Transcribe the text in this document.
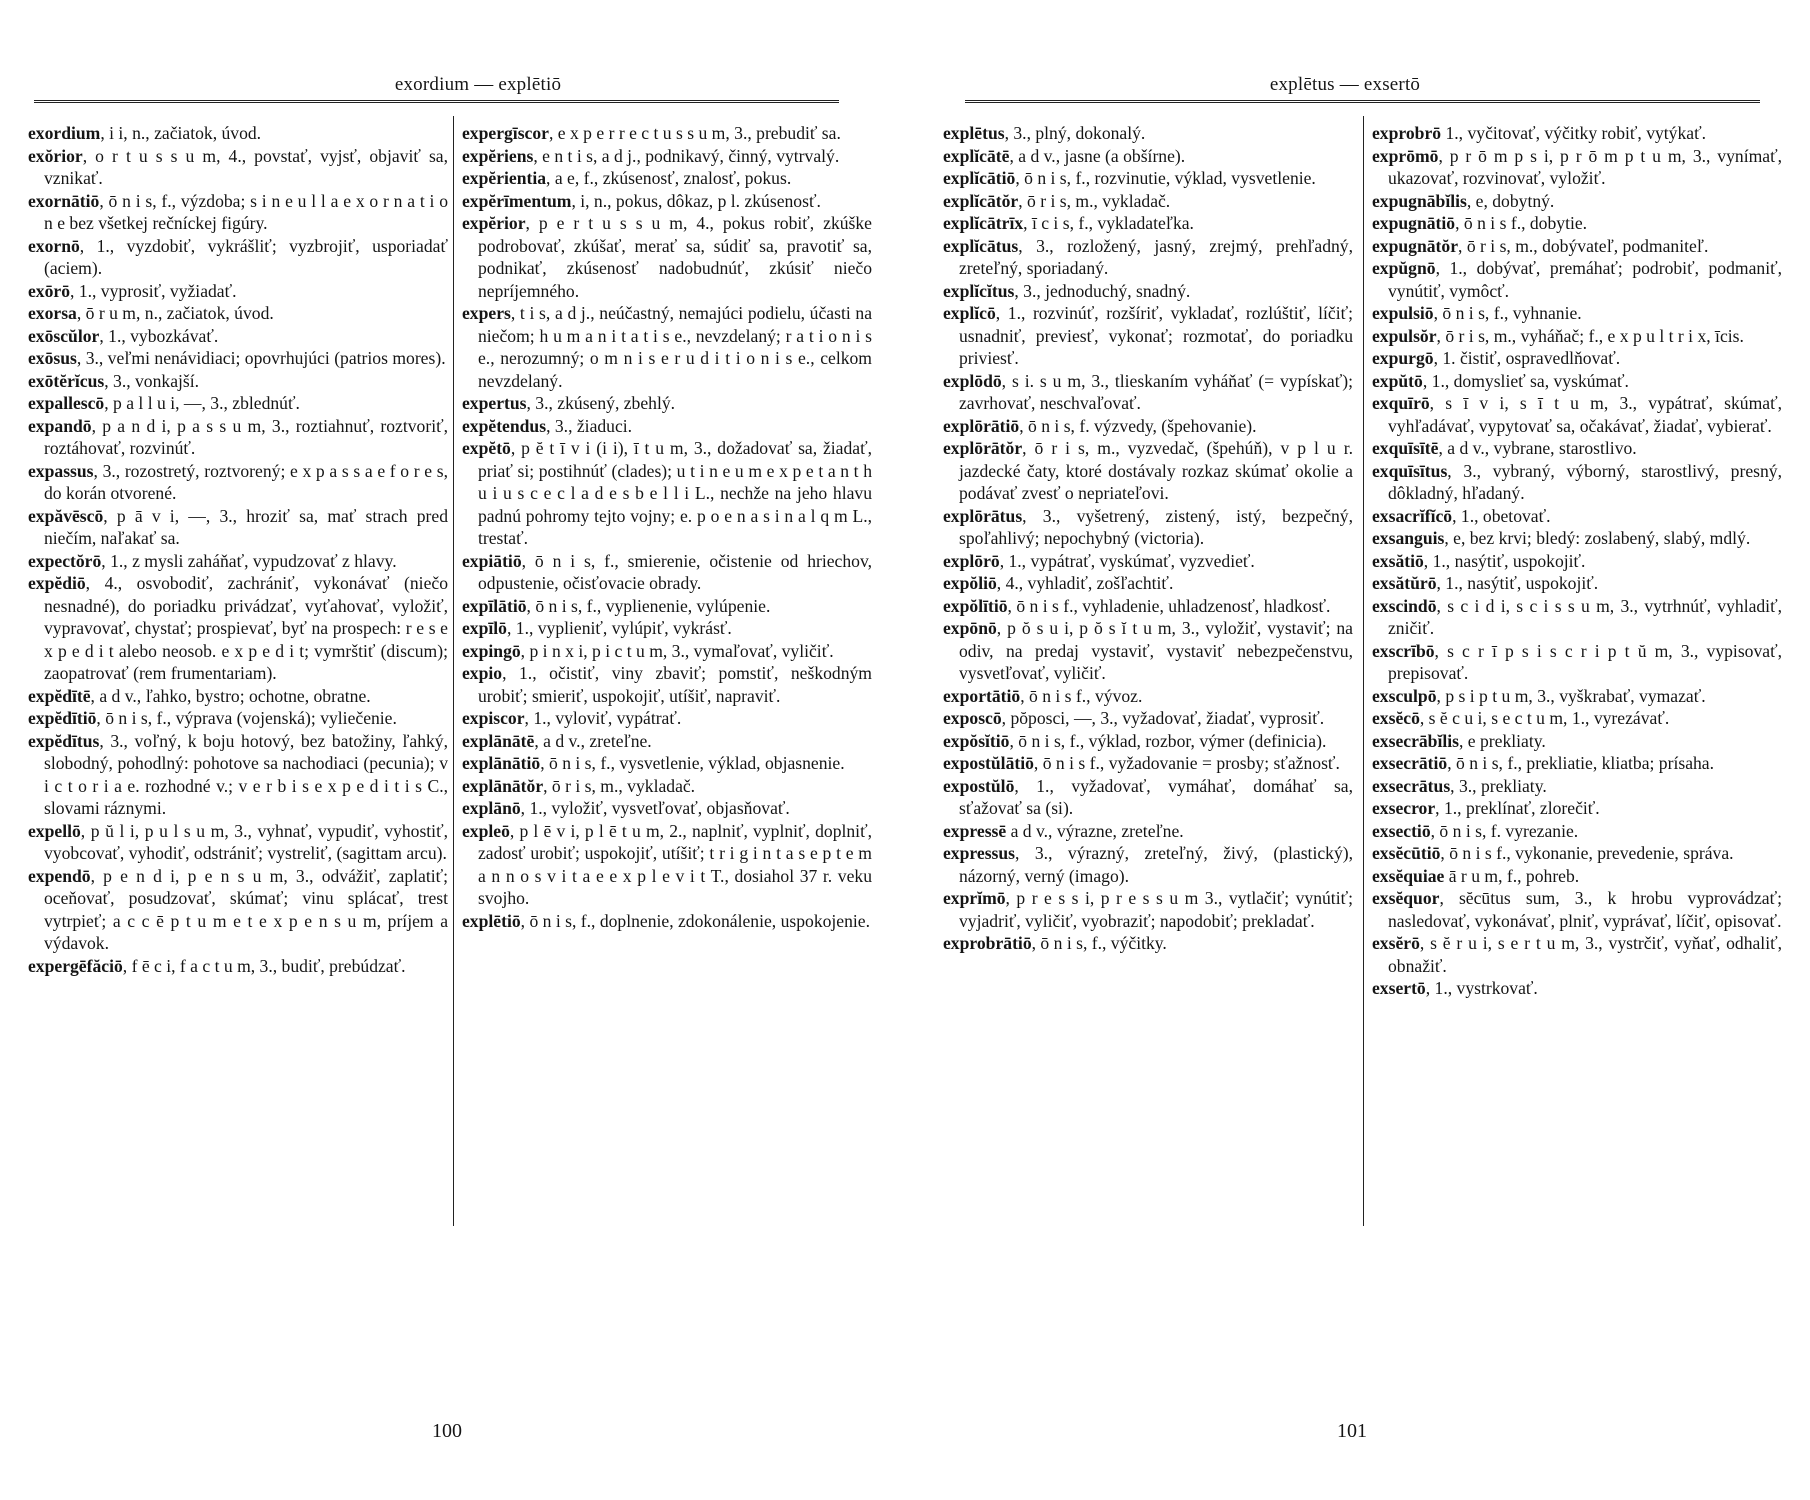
exordium — explētiō
exordium, i i, n., začiatok, úvod.
exŏrior, o r t u s s u m, 4., povstať, vyjsť, objaviť sa, vznikať.
exornātiō, ō n i s, f., výzdoba; s i n e u l l a e x o r n a t i o n e bez všetkej rečníckej figúry.
exornō, 1., vyzdobiť, vykrášliť; vyzbrojiť, usporiadať (aciem).
exōrō, 1., vyprosiť, vyžiadať.
exorsa, ō r u m, n., začiatok, úvod.
exōscŭlor, 1., vybozkávať.
exōsus, 3., veľmi nenávidiaci; opovrhujúci (patrios mores).
exōtĕrĭcus, 3., vonkajší.
expallescō, p a l l u i, —, 3., zblednúť.
expandō, p a n d i, p a s s u m, 3., roztiahnuť, roztvoriť, roztáhovať, rozvinúť.
expassus, 3., rozostretý, roztvorený; e x p a s s a e f o r e s, do korán otvorené.
expăvēscō, p ā v i, —, 3., hroziť sa, mať strach pred niečím, naľakať sa.
expectŏrō, 1., z mysli zaháňať, vypudzovať z hlavy.
expĕdiō, 4., osvobodiť, zachrániť, vykonávať (niečo nesnadné), do poriadku privádzať, vyťahovať, vyložiť, vypravovať, chystať; prospievať, byť na prospech: r e s e x p e d i t alebo neosob. e x p e d i t; vymrštiť (discum); zaopatrovať (rem frumentariam).
expĕdītē, a d v., ľahko, bystro; ochotne, obratne.
expĕdītiō, ō n i s, f., výprava (vojenská); vyliečenie.
expĕdītus, 3., voľný, k boju hotový, bez batožiny, ľahký, slobodný, pohodlný: pohotove sa nachodiaci (pecunia); v i c t o r i a e. rozhodné v.; v e r b i s e x p e d i t i s C., slovami ráznymi.
expellō, p ŭ l i, p u l s u m, 3., vyhnať, vypudiť, vyhostiť, vyobcovať, vyhodiť, odstrániť; vystreliť, (sagittam arcu).
expendō, p e n d i, p e n s u m, 3., odvážiť, zaplatiť; oceňovať, posudzovať, skúmať; vinu splácať, trest vytrpieť; a c c ē p t u m e t e x p e n s u m, príjem a výdavok.
expergēfăciō, f ē c i, f a c t u m, 3., budiť, prebúdzať.
expergīscor, e x p e r r e c t u s s u m, 3., prebudiť sa.
expĕriens, e n t i s, a d j., podnikavý, činný, vytrvalý.
expĕrientia, a e, f., zkúsenosť, znalosť, pokus.
expĕrīmentum, i, n., pokus, dôkaz, p l. zkúsenosť.
expĕrior, p e r t u s s u m, 4., pokus robiť, zkúške podrobovať, zkúšať, merať sa, súdiť sa, pravotiť sa, podnikať, zkúsenosť nadobudnúť, zkúsiť niečo nepríjemného.
expers, t i s, a d j., neúčastný, nemajúci podielu, účasti na niečom; h u m a n i t a t i s e., nevzdelaný; r a t i o n i s e., nerozumný; o m n i s e r u d i t i o n i s e., celkom nevzdelaný.
expertus, 3., zkúsený, zbehlý.
expĕtendus, 3., žiaduci.
expĕtō, p ĕ t ī v i (i i), ī t u m, 3., dožadovať sa, žiadať, priať si; postihnúť (clades); u t i n e u m e x p e t a n t h u i u s c e c l a d e s b e l l i L., nechže na jeho hlavu padnú pohromy tejto vojny; e. p o e n a s i n a l q m L., trestať.
expiātiō, ō n i s, f., smierenie, očistenie od hriechov, odpustenie, očisťovacie obrady.
expīlātiō, ō n i s, f., vyplienenie, vylúpenie.
expīlō, 1., vyplieniť, vylúpiť, vykrásť.
expingō, p i n x i, p i c t u m, 3., vymaľovať, vyličiť.
expio, 1., očistiť, viny zbaviť; pomstiť, neškodným urobiť; smieriť, uspokojiť, utíšiť, napraviť.
expiscor, 1., vyloviť, vypátrať.
explānātē, a d v., zreteľne.
explānātiō, ō n i s, f., vysvetlenie, výklad, objasnenie.
explānātŏr, ō r i s, m., vykladač.
explānō, 1., vyložiť, vysvetľovať, objasňovať.
expleō, p l ē v i, p l ē t u m, 2., naplniť, vyplniť, doplniť, zadosť urobiť; uspokojiť, utíšiť; t r i g i n t a s e p t e m a n n o s v i t a e e x p l e v i t T., dosiahol 37 r. veku svojho.
explētiō, ō n i s, f., doplnenie, zdokonálenie, uspokojenie.
100
explētus — exsertō
explētus, 3., plný, dokonalý.
explĭcātē, a d v., jasne (a obšírne).
explĭcātiō, ō n i s, f., rozvinutie, výklad, vysvetlenie.
explĭcātŏr, ō r i s, m., vykladač.
explĭcātrīx, ī c i s, f., vykladateľka.
explĭcātus, 3., rozložený, jasný, zrejmý, prehľadný, zreteľný, sporiadaný.
explĭcĭtus, 3., jednoduchý, snadný.
explĭcō, 1., rozvinúť, rozšíriť, vykladať, rozlúštiť, líčiť; usnadniť, previesť, vykonať; rozmotať, do poriadku priviesť.
explōdō, s i. s u m, 3., tlieskaním vyháňať (= vypískať); zavrhovať, neschvaľovať.
explōrātiō, ō n i s, f. výzvedy, (špehovanie).
explōrātŏr, ō r i s, m., vyzvedač, (špehúň), v p l u r. jazdecké čaty, ktoré dostávaly rozkaz skúmať okolie a podávať zvesť o nepriateľovi.
explōrātus, 3., vyšetrený, zistený, istý, bezpečný, spoľahlivý; nepochybný (victoria).
explōrō, 1., vypátrať, vyskúmať, vyzvedieť.
expŏliō, 4., vyhladiť, zošľachtiť.
expŏlītiō, ō n i s f., vyhladenie, uhladzenosť, hladkosť.
expōnō, p ŏ s u i, p ŏ s ĭ t u m, 3., vyložiť, vystaviť; na odiv, na predaj vystaviť, vystaviť nebezpečenstvu, vysvetľovať, vyličiť.
exportātiō, ō n i s f., vývoz.
exposcō, pŏposci, —, 3., vyžadovať, žiadať, vyprosiť.
expŏsĭtiō, ō n i s, f., výklad, rozbor, výmer (definicia).
expostŭlātiō, ō n i s f., vyžadovanie = prosby; sťažnosť.
expostŭlō, 1., vyžadovať, vymáhať, domáhať sa, sťažovať sa (si).
expressē a d v., výrazne, zreteľne.
expressus, 3., výrazný, zreteľný, živý, (plastický), názorný, verný (imago).
exprĭmō, p r e s s i, p r e s s u m 3., vytlačiť; vynútiť; vyjadriť, vyličiť, vyobraziť; napodobiť; prekladať.
exprobrātiō, ō n i s, f., výčitky.
exprobrō 1., vyčitovať, výčitky robiť, vytýkať.
exprōmō, p r ō m p s i, p r ō m p t u m, 3., vynímať, ukazovať, rozvinovať, vyložiť.
expugnābĭlis, e, dobytný.
expugnātiō, ō n i s f., dobytie.
expugnātŏr, ō r i s, m., dobývateľ, podmaniteľ.
expŭgnō, 1., dobývať, premáhať; podrobiť, podmaniť, vynútiť, vymôcť.
expulsiō, ō n i s, f., vyhnanie.
expulsŏr, ō r i s, m., vyháňač; f., e x p u l t r i x, īcis.
expurgō, 1. čistiť, ospravedlňovať.
expŭtō, 1., domyslieť sa, vyskúmať.
exquīrō, s ī v i, s ī t u m, 3., vypátrať, skúmať, vyhľadávať, vypytovať sa, očakávať, žiadať, vybierať.
exquīsītē, a d v., vybrane, starostlivo.
exquīsītus, 3., vybraný, výborný, starostlivý, presný, dôkladný, hľadaný.
exsacrĭfĭcō, 1., obetovať.
exsanguis, e, bez krvi; bledý: zoslabený, slabý, mdlý.
exsătiō, 1., nasýtiť, uspokojiť.
exsătŭrō, 1., nasýtiť, uspokojiť.
exscindō, s c i d i, s c i s s u m, 3., vytrhnúť, vyhladiť, zničiť.
exscrībō, s c r ī p s i s c r i p t ŭ m, 3., vypisovať, prepisovať.
exsculpō, p s i p t u m, 3., vyškrabať, vymazať.
exsĕcō, s ĕ c u i, s e c t u m, 1., vyrezávať.
exsecrābĭlis, e prekliaty.
exsecrātiō, ō n i s, f., prekliatie, kliatba; prísaha.
exsecrātus, 3., prekliaty.
exsecror, 1., preklínať, zlorečiť.
exsectiō, ō n i s, f. vyrezanie.
exsĕcūtiō, ō n i s f., vykonanie, prevedenie, správa.
exsĕquiae ā r u m, f., pohreb.
exsĕquor, sĕcūtus sum, 3., k hrobu vyprovádzať; nasledovať, vykonávať, plniť, vyprávať, líčiť, opisovať.
exsĕrō, s ĕ r u i, s e r t u m, 3., vystrčiť, vyňať, odhaliť, obnažiť.
exsertō, 1., vystrkovať.
101
